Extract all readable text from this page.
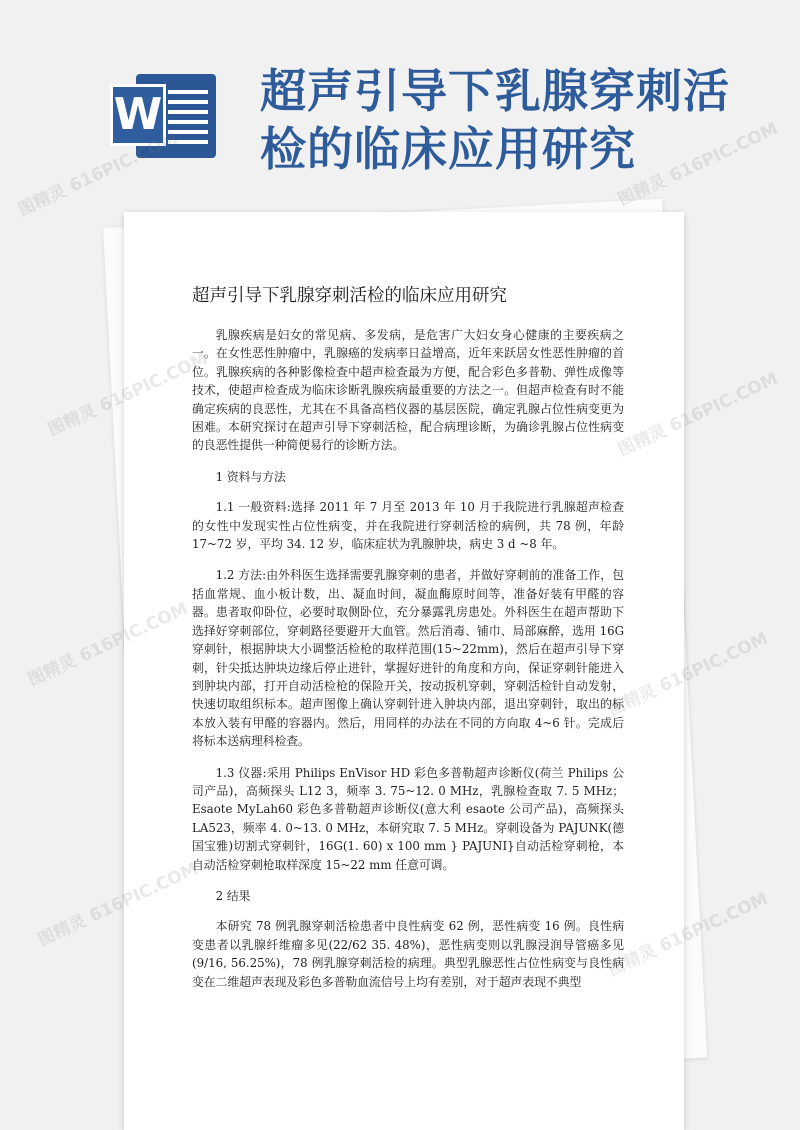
W 超声引导下乳腺穿刺活检的临床应用研究
超声引导下乳腺穿刺活检的临床应用研究

乳腺疾病是妇女的常见病、多发病，是危害广大妇女身心健康的主要疾病之一。在女性恶性肿瘤中，乳腺癌的发病率日益增高，近年来跃居女性恶性肿瘤的首位。乳腺疾病的各种影像检查中超声检查最为方便，配合彩色多普勒、弹性成像等技术，使超声检查成为临床诊断乳腺疾病最重要的方法之一。但超声检查有时不能确定疾病的良恶性，尤其在不具备高档仪器的基层医院，确定乳腺占位性病变更为困难。本研究探讨在超声引导下穿刺活检，配合病理诊断，为确诊乳腺占位性病变的良恶性提供一种简便易行的诊断方法。

1 资料与方法

1.1 一般资料:选择 2011 年 7 月至 2013 年 10 月于我院进行乳腺超声检查的女性中发现实性占位性病变，并在我院进行穿刺活检的病例，共 78 例，年龄 17~72 岁，平均 34. 12 岁，临床症状为乳腺肿块，病史 3 d ~8 年。

1.2 方法:由外科医生选择需要乳腺穿刺的患者，并做好穿刺前的准备工作，包括血常规、血小板计数，出、凝血时间，凝血酶原时间等，准备好装有甲醛的容器。患者取仰卧位，必要时取侧卧位，充分暴露乳房患处。外科医生在超声帮助下选择好穿刺部位，穿刺路径要避开大血管。然后消毒、铺巾、局部麻醉，选用 16G 穿刺针，根据肿块大小调整活检枪的取样范围(15~22mm)，然后在超声引导下穿刺，针尖抵达肿块边缘后停止进针，掌握好进针的角度和方向，保证穿刺针能进入到肿块内部，打开自动活检枪的保险开关，按动扳机穿刺，穿刺活检针自动发射，快速切取组织标本。超声图像上确认穿刺针进入肿块内部，退出穿刺针，取出的标本放入装有甲醛的容器内。然后，用同样的办法在不同的方向取 4~6 针。完成后将标本送病理科检查。

1.3 仪器:采用 Philips EnVisor HD 彩色多普勒超声诊断仪(荷兰 Philips 公司产品)，高频探头 L12 3，频率 3. 75~12. 0 MHz，乳腺检查取 7. 5 MHz；Esaote MyLah60 彩色多普勒超声诊断仪(意大利 esaote 公司产品)，高频探头 LA523，频率 4. 0~13. 0 MHz，本研究取 7. 5 MHz。穿刺设备为 PAJUNK(德国宝雅)切割式穿刺针，16G(1. 60) x 100 mm } PAJUNI}自动活检穿刺枪，本自动活检穿刺枪取样深度 15~22 mm 任意可调。

2 结果

本研究 78 例乳腺穿刺活检患者中良性病变 62 例，恶性病变 16 例。良性病变患者以乳腺纤维瘤多见(22/62 35. 48%)，恶性病变则以乳腺浸润导管癌多见(9/16, 56.25%)，78 例乳腺穿刺活检的病理。典型乳腺恶性占位性病变与良性病变在二维超声表现及彩色多普勒血流信号上均有差别，对于超声表现不典型

图精灵 616PIC.COM
图精灵
图精灵 616PIC.COM
图精灵 616PIC.COM
图精灵 616PIC.COM
图精灵 616PIC.COM
图精灵 616PIC.COM
616PIC.COM
